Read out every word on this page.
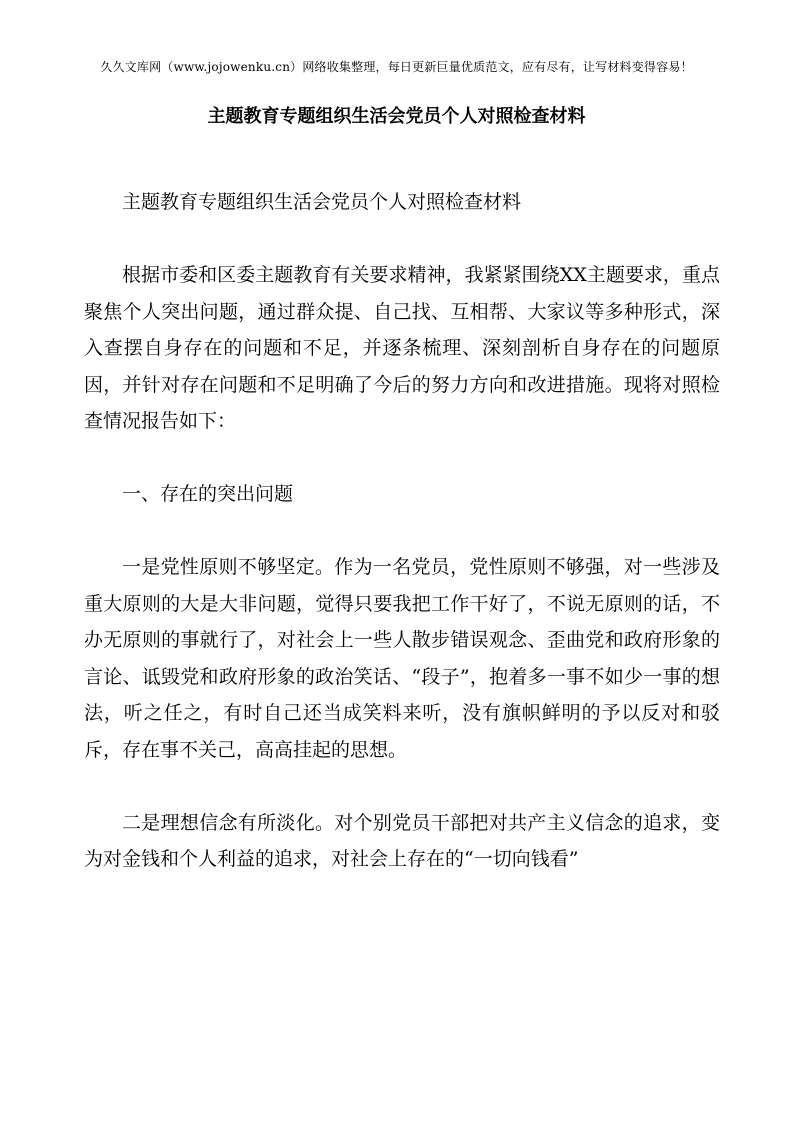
久久文库网（www.jojowenku.cn）网络收集整理，每日更新巨量优质范文，应有尽有，让写材料变得容易！
主题教育专题组织生活会党员个人对照检查材料

主题教育专题组织生活会党员个人对照检查材料

根据市委和区委主题教育有关要求精神，我紧紧围绕XX主题要求，重点聚焦个人突出问题，通过群众提、自己找、互相帮、大家议等多种形式，深入查摆自身存在的问题和不足，并逐条梳理、深刻剖析自身存在的问题原因，并针对存在问题和不足明确了今后的努力方向和改进措施。现将对照检查情况报告如下：

一、存在的突出问题

一是党性原则不够坚定。作为一名党员，党性原则不够强，对一些涉及重大原则的大是大非问题，觉得只要我把工作干好了，不说无原则的话，不办无原则的事就行了，对社会上一些人散步错误观念、歪曲党和政府形象的言论、诋毁党和政府形象的政治笑话、“段子”，抱着多一事不如少一事的想法，听之任之，有时自己还当成笑料来听，没有旗帜鲜明的予以反对和驳斥，存在事不关己，高高挂起的思想。

二是理想信念有所淡化。对个别党员干部把对共产主义信念的追求，变为对金钱和个人利益的追求，对社会上存在的“一切向钱看”
